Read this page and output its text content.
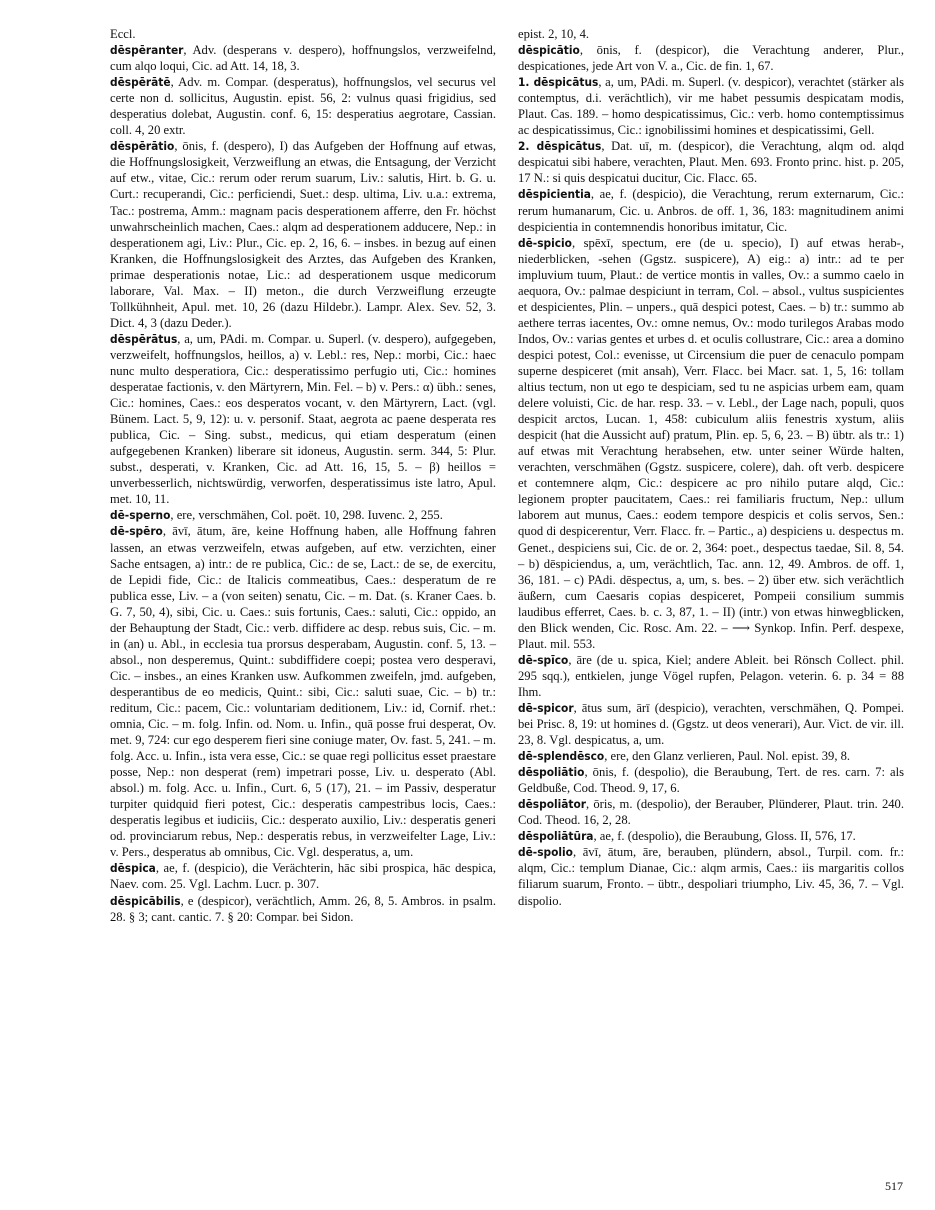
Eccl.

dēspēranter, Adv. (desperans v. despero), hoffnungslos, verzweifelnd, cum alqo loqui, Cic. ad Att. 14, 18, 3.

dēspērātē, Adv. m. Compar. (desperatus), hoffnungslos, vel securus vel certe non d. sollicitus, Augustin. epist. 56, 2: vulnus quasi frigidius, sed desperatius dolebat, Augustin. conf. 6, 15: desperatius aegrotare, Cassian. coll. 4, 20 extr.

dēspērātio, ōnis, f. (despero), I) das Aufgeben der Hoffnung auf etwas, die Hoffnungslosigkeit, Verzweiflung an etwas, die Entsagung, der Verzicht auf etw., vitae, Cic.: rerum oder rerum suarum, Liv.: salutis, Hirt. b. G. u. Curt.: recuperandi, Cic.: perficiendi, Suet.: desp. ultima, Liv. u.a.: extrema, Tac.: postrema, Amm.: magnam pacis desperationem afferre, den Fr. höchst unwahrscheinlich machen, Caes.: alqm ad desperationem adducere, Nep.: in desperationem agi, Liv.: Plur., Cic. ep. 2, 16, 6. – insbes. in bezug auf einen Kranken, die Hoffnungslosigkeit des Arztes, das Aufgeben des Kranken, primae desperationis notae, Lic.: ad desperationem usque medicorum laborare, Val. Max. – II) meton., die durch Verzweiflung erzeugte Tollkühnheit, Apul. met. 10, 26 (dazu Hildebr.). Lampr. Alex. Sev. 52, 3. Dict. 4, 3 (dazu Deder.).

dēspērātus, a, um, PAdi. m. Compar. u. Superl. (v. despero), aufgegeben, verzweifelt, hoffnungslos, heillos, a) v. Lebl.: res, Nep.: morbi, Cic.: haec nunc multo desperatiora, Cic.: desperatissimo perfugio uti, Cic.: homines desperatae factionis, v. den Märtyrern, Min. Fel. – b) v. Pers.: α) übh.: senes, Cic.: homines, Caes.: eos desperatos vocant, v. den Märtyrern, Lact. (vgl. Bünem. Lact. 5, 9, 12): u. v. personif. Staat, aegrota ac paene desperata res publica, Cic. – Sing. subst., medicus, qui etiam desperatum (einen aufgegebenen Kranken) liberare sit idoneus, Augustin. serm. 344, 5: Plur. subst., desperati, v. Kranken, Cic. ad Att. 16, 15, 5. – β) heillos = unverbesserlich, nichtswürdig, verworfen, desperatissimus iste latro, Apul. met. 10, 11.

dē-sperno, ere, verschmähen, Col. poët. 10, 298. Iuvenc. 2, 255.

dē-spēro, āvī, ātum, āre, keine Hoffnung haben, alle Hoffnung fahren lassen, an etwas verzweifeln, etwas aufgeben, auf etw. verzichten, einer Sache entsagen, a) intr.: de re publica, Cic.: de se, Lact.: de se, de exercitu, de Lepidi fide, Cic.: de Italicis commeatibus, Caes.: desperatum de re publica esse, Liv. – a (von seiten) senatu, Cic. – m. Dat. (s. Kraner Caes. b. G. 7, 50, 4), sibi, Cic. u. Caes.: suis fortunis, Caes.: saluti, Cic.: oppido, an der Behauptung der Stadt, Cic.: verb. diffidere ac desp. rebus suis, Cic. – m. in (an) u. Abl., in ecclesia tua prorsus desperabam, Augustin. conf. 5, 13. – absol., non desperemus, Quint.: subdiffidere coepi; postea vero desperavi, Cic. – insbes., an eines Kranken usw. Aufkommen zweifeln, jmd. aufgeben, desperantibus de eo medicis, Quint.: sibi, Cic.: saluti suae, Cic. – b) tr.: reditum, Cic.: pacem, Cic.: voluntariam deditionem, Liv.: id, Cornif. rhet.: omnia, Cic. – m. folg. Infin. od. Nom. u. Infin., quā posse frui desperat, Ov. met. 9, 724: cur ego desperem fieri sine coniuge mater, Ov. fast. 5, 241. – m. folg. Acc. u. Infin., ista vera esse, Cic.: se quae regi pollicitus esset praestare posse, Nep.: non desperat (rem) impetrari posse, Liv. u. desperato (Abl. absol.) m. folg. Acc. u. Infin., Curt. 6, 5 (17), 21. – im Passiv, desperatur turpiter quidquid fieri potest, Cic.: desperatis campestribus locis, Caes.: desperatis legibus et iudiciis, Cic.: desperato auxilio, Liv.: desperatis generi od. provinciarum rebus, Nep.: desperatis rebus, in verzweifelter Lage, Liv.: v. Pers., desperatus ab omnibus, Cic. Vgl. desperatus, a, um.

dēspica, ae, f. (despicio), die Verächterin, hāc sibi prospica, hāc despica, Naev. com. 25. Vgl. Lachm. Lucr. p. 307.

dēspicābilis, e (despicor), verächtlich, Amm. 26, 8, 5. Ambros. in psalm. 28. § 3; cant. cantic. 7. § 20: Compar. bei Sidon.

epist. 2, 10, 4.

dēspicātio, ōnis, f. (despicor), die Verachtung anderer, Plur., despicationes, jede Art von V. a., Cic. de fin. 1, 67.

1. dēspicātus, a, um, PAdi. m. Superl. (v. despicor), verachtet (stärker als contemptus, d.i. verächtlich), vir me habet pessumis despicatam modis, Plaut. Cas. 189. – homo despicatissimus, Cic.: verb. homo contemptissimus ac despicatissimus, Cic.: ignobilissimi homines et despicatissimi, Gell.

2. dēspicātus, Dat. uī, m. (despicor), die Verachtung, alqm od. alqd despicatui sibi habere, verachten, Plaut. Men. 693. Fronto princ. hist. p. 205, 17 N.: si quis despicatui ducitur, Cic. Flacc. 65.

dēspicientia, ae, f. (despicio), die Verachtung, rerum externarum, Cic.: rerum humanarum, Cic. u. Anbros. de off. 1, 36, 183: magnitudinem animi despicientia in contemnendis honoribus imitatur, Cic.

dē-spicio, spēxī, spectum, ere (de u. specio), I) auf etwas herab-, niederblicken, -sehen (Ggstz. suspicere), A) eig.: a) intr.: ad te per impluvium tuum, Plaut.: de vertice montis in valles, Ov.: a summo caelo in aequora, Ov.: palmae despiciunt in terram, Col. – absol., vultus suspicientes et despicientes, Plin. – unpers., quā despici potest, Caes. – b) tr.: summo ab aethere terras iacentes, Ov.: omne nemus, Ov.: modo turilegos Arabas modo Indos, Ov.: varias gentes et urbes d. et oculis collustrare, Cic.: area a domino despici potest, Col.: evenisse, ut Circensium die puer de cenaculo pompam superne despiceret (mit ansah), Verr. Flacc. bei Macr. sat. 1, 5, 16: tollam altius tectum, non ut ego te despiciam, sed tu ne aspicias urbem eam, quam delere voluisti, Cic. de har. resp. 33. – v. Lebl., der Lage nach, populi, quos despicit arctos, Lucan. 1, 458: cubiculum aliis fenestris xystum, aliis despicit (hat die Aussicht auf) pratum, Plin. ep. 5, 6, 23. – B) übtr. als tr.: 1) auf etwas mit Verachtung herabsehen, etw. unter seiner Würde halten, verachten, verschmähen (Ggstz. suspicere, colere), dah. oft verb. despicere et contemnere alqm, Cic.: despicere ac pro nihilo putare alqd, Cic.: legionem propter paucitatem, Caes.: rei familiaris fructum, Nep.: ullum laborem aut munus, Caes.: eodem tempore despicis et colis servos, Sen.: quod di despicerentur, Verr. Flacc. fr. – Partic., a) despiciens u. despectus m. Genet., despiciens sui, Cic. de or. 2, 364: poet., despectus taedae, Sil. 8, 54. – b) dēspiciendus, a, um, verächtlich, Tac. ann. 12, 49. Ambros. de off. 1, 36, 181. – c) PAdi. dēspectus, a, um, s. bes. – 2) über etw. sich verächtlich äußern, cum Caesaris copias despiceret, Pompeii consilium summis laudibus efferret, Caes. b. c. 3, 87, 1. – II) (intr.) von etwas hinwegblicken, den Blick wenden, Cic. Rosc. Am. 22. – ⟶ Synkop. Infin. Perf. despexe, Plaut. mil. 553.

dē-spīco, āre (de u. spica, Kiel; andere Ableit. bei Rönsch Collect. phil. 295 sqq.), entkielen, junge Vögel rupfen, Pelagon. veterin. 6. p. 34 = 88 Ihm.

dē-spicor, ātus sum, ārī (despicio), verachten, verschmähen, Q. Pompei. bei Prisc. 8, 19: ut homines d. (Ggstz. ut deos venerari), Aur. Vict. de vir. ill. 23, 8. Vgl. despicatus, a, um.

dē-splendēsco, ere, den Glanz verlieren, Paul. Nol. epist. 39, 8.

dēspoliātio, ōnis, f. (despolio), die Beraubung, Tert. de res. carn. 7: als Geldbuße, Cod. Theod. 9, 17, 6.

dēspoliātor, ōris, m. (despolio), der Berauber, Plünderer, Plaut. trin. 240. Cod. Theod. 16, 2, 28.

dēspoliātūra, ae, f. (despolio), die Beraubung, Gloss. II, 576, 17.

dē-spolio, āvī, ātum, āre, berauben, plündern, absol., Turpil. com. fr.: alqm, Cic.: templum Dianae, Cic.: alqm armis, Caes.: iis margaritis collos filiarum suarum, Fronto. – übtr., despoliari triumpho, Liv. 45, 36, 7. – Vgl. dispolio.

517
